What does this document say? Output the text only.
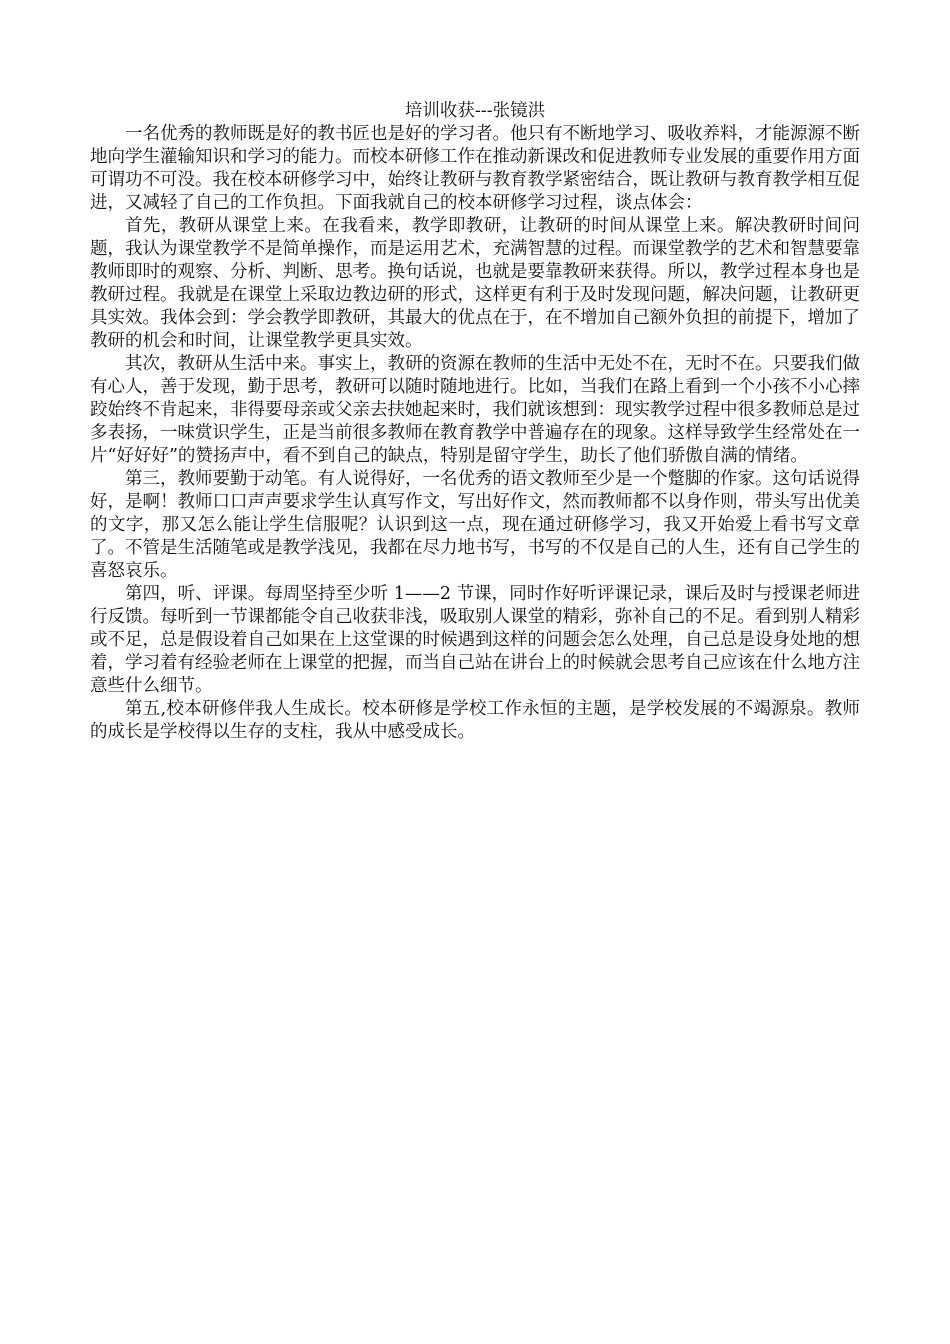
培训收获---张镜洪

一名优秀的教师既是好的教书匠也是好的学习者。他只有不断地学习、吸收养料，才能源源不断地向学生灌输知识和学习的能力。而校本研修工作在推动新课改和促进教师专业发展的重要作用方面可谓功不可没。我在校本研修学习中，始终让教研与教育教学紧密结合，既让教研与教育教学相互促进，又减轻了自己的工作负担。下面我就自己的校本研修学习过程，谈点体会：

首先，教研从课堂上来。在我看来，教学即教研，让教研的时间从课堂上来。解决教研时间问题，我认为课堂教学不是简单操作，而是运用艺术，充满智慧的过程。而课堂教学的艺术和智慧要靠教师即时的观察、分析、判断、思考。换句话说，也就是要靠教研来获得。所以，教学过程本身也是教研过程。我就是在课堂上采取边教边研的形式，这样更有利于及时发现问题，解决问题，让教研更具实效。我体会到：学会教学即教研，其最大的优点在于，在不增加自己额外负担的前提下，增加了教研的机会和时间，让课堂教学更具实效。

其次，教研从生活中来。事实上，教研的资源在教师的生活中无处不在，无时不在。只要我们做有心人，善于发现，勤于思考，教研可以随时随地进行。比如，当我们在路上看到一个小孩不小心摔跤始终不肯起来，非得要母亲或父亲去扶她起来时，我们就该想到：现实教学过程中很多教师总是过多表扬，一味赏识学生，正是当前很多教师在教育教学中普遍存在的现象。这样导致学生经常处在一片“好好好”的赞扬声中，看不到自己的缺点，特别是留守学生，助长了他们骄傲自满的情绪。

第三，教师要勤于动笔。有人说得好，一名优秀的语文教师至少是一个蹩脚的作家。这句话说得好，是啊！教师口口声声要求学生认真写作文，写出好作文，然而教师都不以身作则，带头写出优美的文字，那又怎么能让学生信服呢？认识到这一点，现在通过研修学习，我又开始爱上看书写文章了。不管是生活随笔或是教学浅见，我都在尽力地书写，书写的不仅是自己的人生，还有自己学生的喜怒哀乐。

第四，听、评课。每周坚持至少听 1——2 节课，同时作好听评课记录，课后及时与授课老师进行反馈。每听到一节课都能令自己收获非浅，吸取别人课堂的精彩，弥补自己的不足。看到别人精彩或不足，总是假设着自己如果在上这堂课的时候遇到这样的问题会怎么处理，自己总是设身处地的想着，学习着有经验老师在上课堂的把握，而当自己站在讲台上的时候就会思考自己应该在什么地方注意些什么细节。

第五,校本研修伴我人生成长。校本研修是学校工作永恒的主题，是学校发展的不竭源泉。教师的成长是学校得以生存的支柱，我从中感受成长。
